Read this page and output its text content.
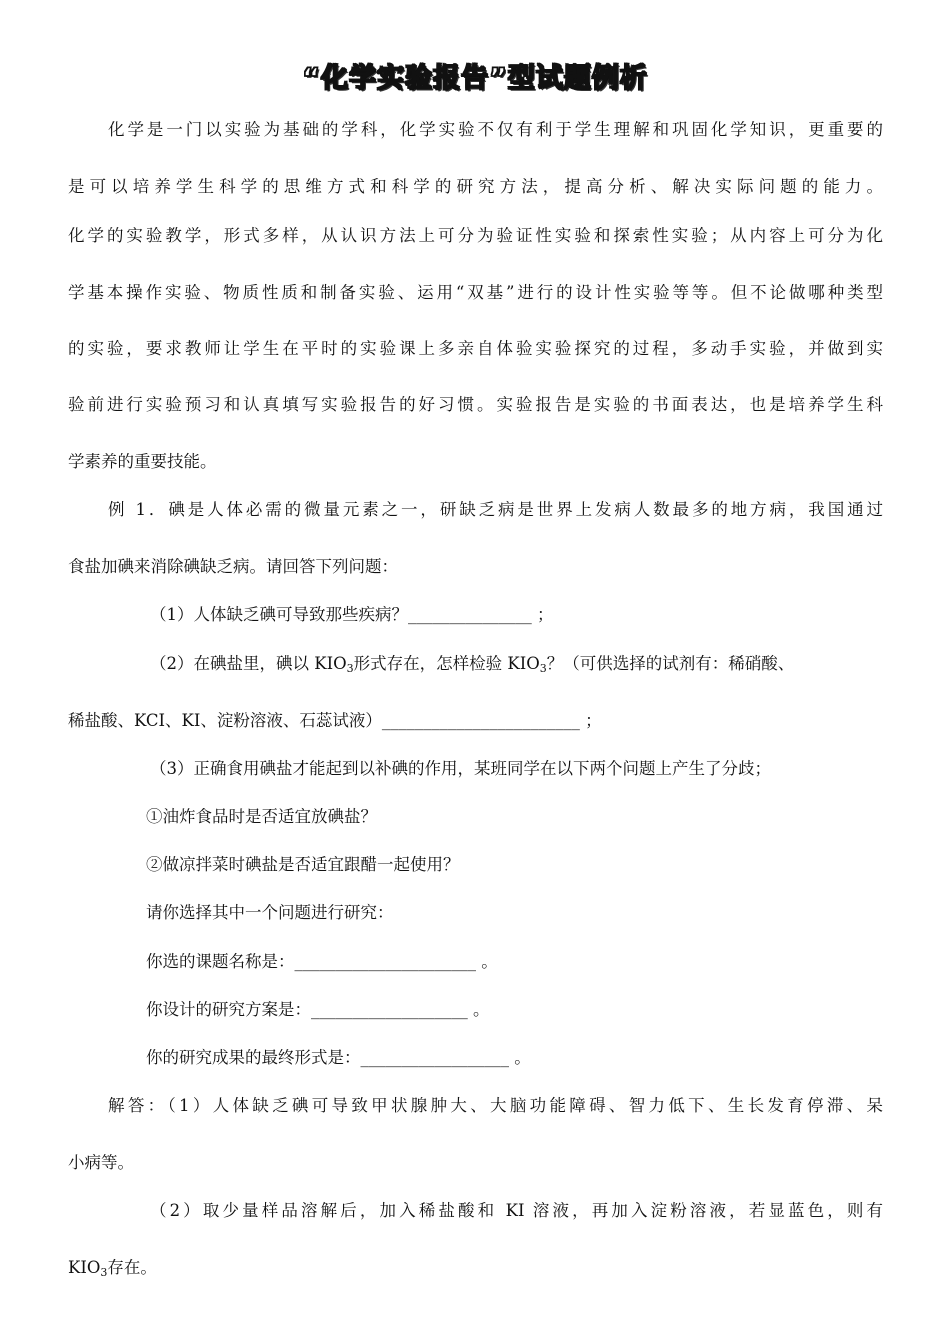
“化学实验报告”型试题例析
化学是一门以实验为基础的学科，化学实验不仅有利于学生理解和巩固化学知识，更重要的
是可以培养学生科学的思维方式和科学的研究方法，提高分析、解决实际问题的能力。
化学的实验教学，形式多样，从认识方法上可分为验证性实验和探索性实验；从内容上可分为化
学基本操作实验、物质性质和制备实验、运用“双基”进行的设计性实验等等。但不论做哪种类型
的实验，要求教师让学生在平时的实验课上多亲自体验实验探究的过程，多动手实验，并做到实
验前进行实验预习和认真填写实验报告的好习惯。实验报告是实验的书面表达，也是培养学生科
学素养的重要技能。
例 1．碘是人体必需的微量元素之一，研缺乏病是世界上发病人数最多的地方病，我国通过
食盐加碘来消除碘缺乏病。请回答下列问题：
（1）人体缺乏碘可导致那些疾病？_______________ ；
（2）在碘盐里，碘以 $KIO_3$形式存在，怎样检验 $KIO_3$？（可供选择的试剂有：稀硝酸、
稀盐酸、KCI、KI、淀粉溶液、石蕊试液）________________________ ；
（3）正确食用碘盐才能起到以补碘的作用，某班同学在以下两个问题上产生了分歧；
①油炸食品时是否适宜放碘盐？
②做凉拌菜时碘盐是否适宜跟醋一起使用？
请你选择其中一个问题进行研究：
你选的课题名称是：______________________ 。
你设计的研究方案是：___________________ 。
你的研究成果的最终形式是：__________________ 。
解答：（1）人体缺乏碘可导致甲状腺肿大、大脑功能障碍、智力低下、生长发育停滞、呆
小病等。
（2）取少量样品溶解后，加入稀盐酸和 KI 溶液，再加入淀粉溶液，若显蓝色，则有
$KIO_3$存在。
